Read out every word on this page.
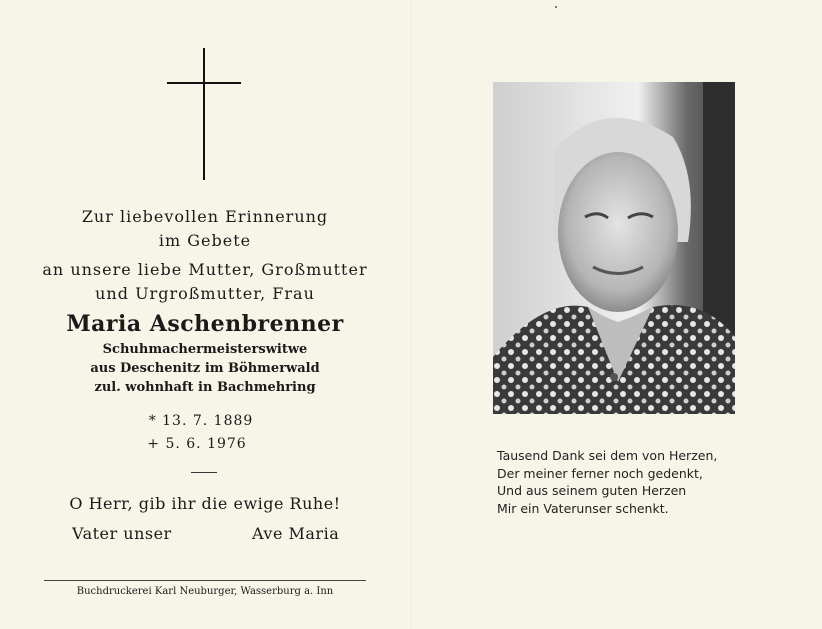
Zur liebevollen Erinnerung
im Gebete
an unsere liebe Mutter, Großmutter
und Urgroßmutter, Frau
Maria Aschenbrenner
Schuhmachermeisterswitwe
aus Deschenitz im Böhmerwald
zul. wohnhaft in Bachmehring
* 13. 7. 1889
+ 5. 6. 1976
O Herr, gib ihr die ewige Ruhe!
Vater unser	Ave Maria
Buchdruckerei Karl Neuburger, Wasserburg a. Inn
Tausend Dank sei dem von Herzen,
Der meiner ferner noch gedenkt,
Und aus seinem guten Herzen
Mir ein Vaterunser schenkt.
